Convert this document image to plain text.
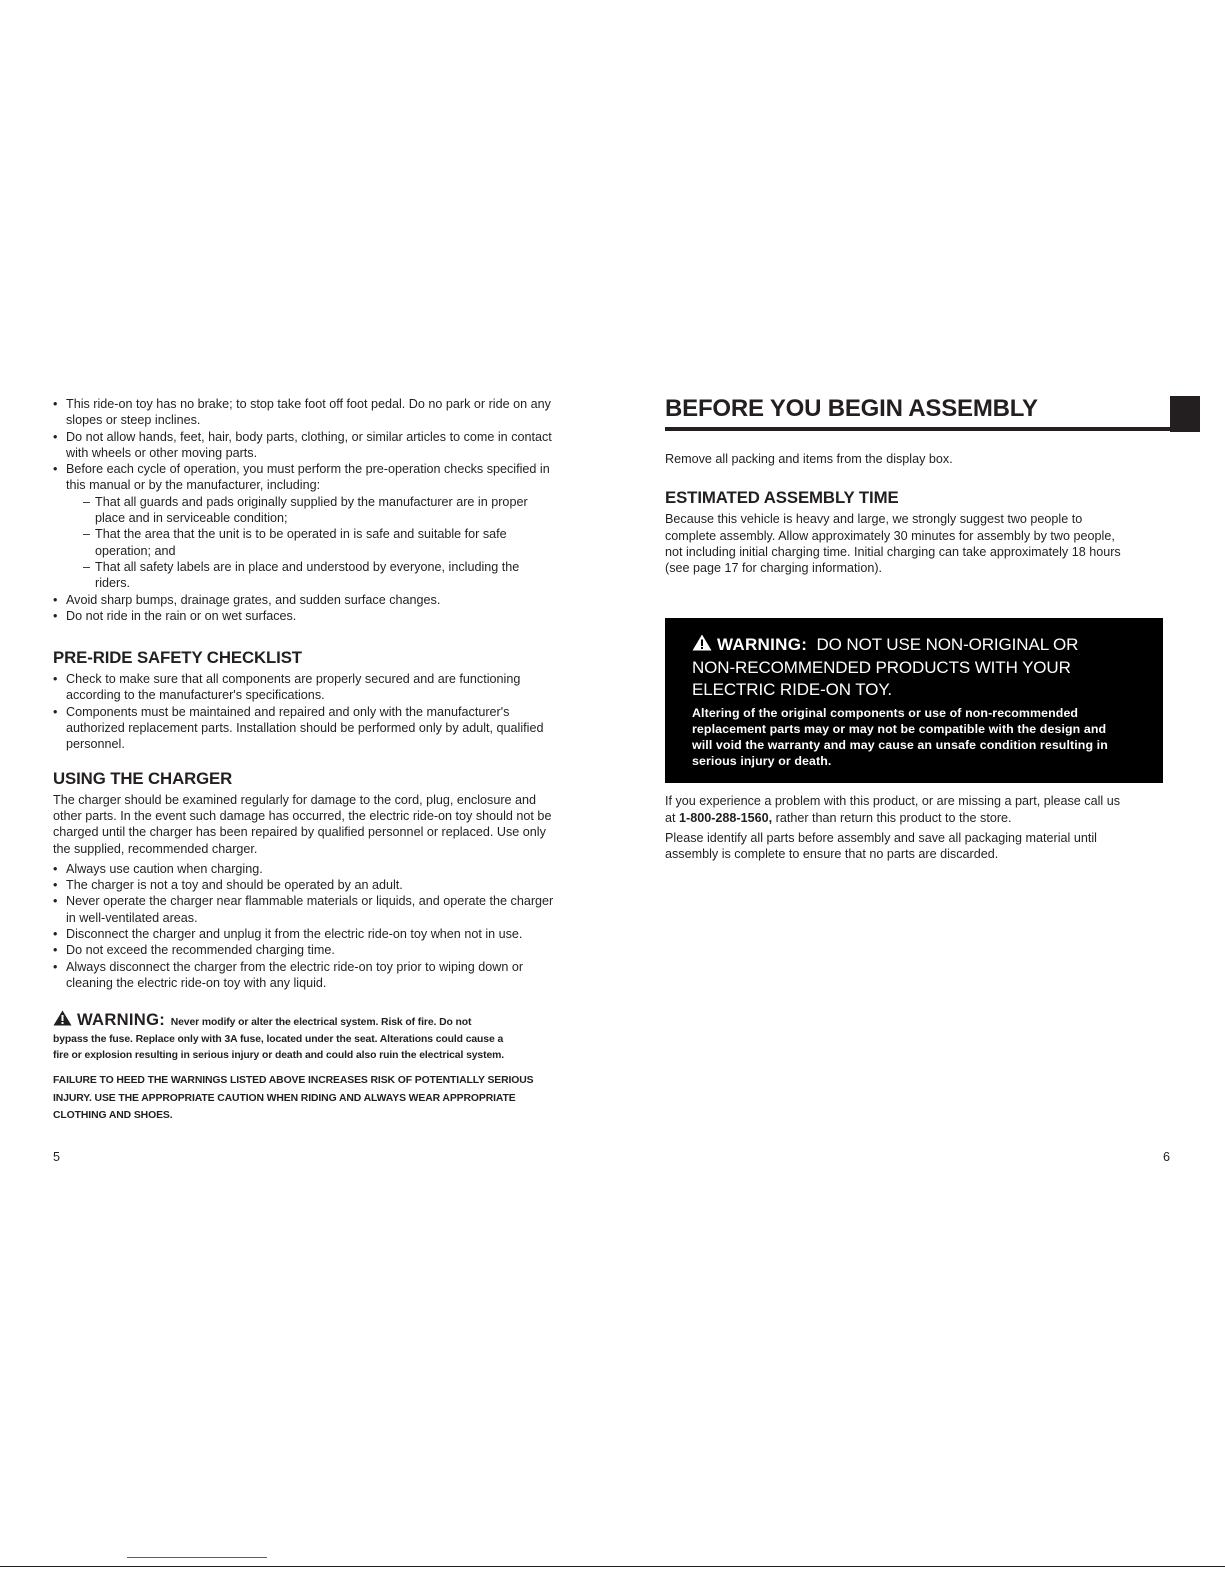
• This ride-on toy has no brake; to stop take foot off foot pedal. Do no park or ride on any slopes or steep inclines.
• Do not allow hands, feet, hair, body parts, clothing, or similar articles to come in contact with wheels or other moving parts.
• Before each cycle of operation, you must perform the pre-operation checks specified in this manual or by the manufacturer, including:
– That all guards and pads originally supplied by the manufacturer are in proper place and in serviceable condition;
– That the area that the unit is to be operated in is safe and suitable for safe operation; and
– That all safety labels are in place and understood by everyone, including the riders.
• Avoid sharp bumps, drainage grates, and sudden surface changes.
• Do not ride in the rain or on wet surfaces.
PRE-RIDE SAFETY CHECKLIST
• Check to make sure that all components are properly secured and are functioning according to the manufacturer's specifications.
• Components must be maintained and repaired and only with the manufacturer's authorized replacement parts. Installation should be performed only by adult, qualified personnel.
USING THE CHARGER

The charger should be examined regularly for damage to the cord, plug, enclosure and other parts. In the event such damage has occurred, the electric ride-on toy should not be charged until the charger has been repaired by qualified personnel or replaced. Use only the supplied, recommended charger.

• Always use caution when charging.
• The charger is not a toy and should be operated by an adult.
• Never operate the charger near flammable materials or liquids, and operate the charger in well-ventilated areas.
• Disconnect the charger and unplug it from the electric ride-on toy when not in use.
• Do not exceed the recommended charging time.
• Always disconnect the charger from the electric ride-on toy prior to wiping down or cleaning the electric ride-on toy with any liquid.
WARNING: Never modify or alter the electrical system. Risk of fire. Do not
bypass the fuse. Replace only with 3A fuse, located under the seat. Alterations could cause a
fire or explosion resulting in serious injury or death and could also ruin the electrical system.

FAILURE TO HEED THE WARNINGS LISTED ABOVE INCREASES RISK OF POTENTIALLY SERIOUS
INJURY. USE THE APPROPRIATE CAUTION WHEN RIDING AND ALWAYS WEAR APPROPRIATE
CLOTHING AND SHOES.

5
BEFORE YOU BEGIN ASSEMBLY

Remove all packing and items from the display box.

ESTIMATED ASSEMBLY TIME

Because this vehicle is heavy and large, we strongly suggest two people to
complete assembly. Allow approximately 30 minutes for assembly by two people,
not including initial charging time. Initial charging can take approximately 18 hours
(see page 17 for charging information).

WARNING: DO NOT USE NON-ORIGINAL OR
NON-RECOMMENDED PRODUCTS WITH YOUR
ELECTRIC RIDE-ON TOY.
Altering of the original components or use of non-recommended
replacement parts may or may not be compatible with the design and
will void the warranty and may cause an unsafe condition resulting in
serious injury or death.

If you experience a problem with this product, or are missing a part, please call us
at 1-800-288-1560, rather than return this product to the store.

Please identify all parts before assembly and save all packaging material until
assembly is complete to ensure that no parts are discarded.

6
